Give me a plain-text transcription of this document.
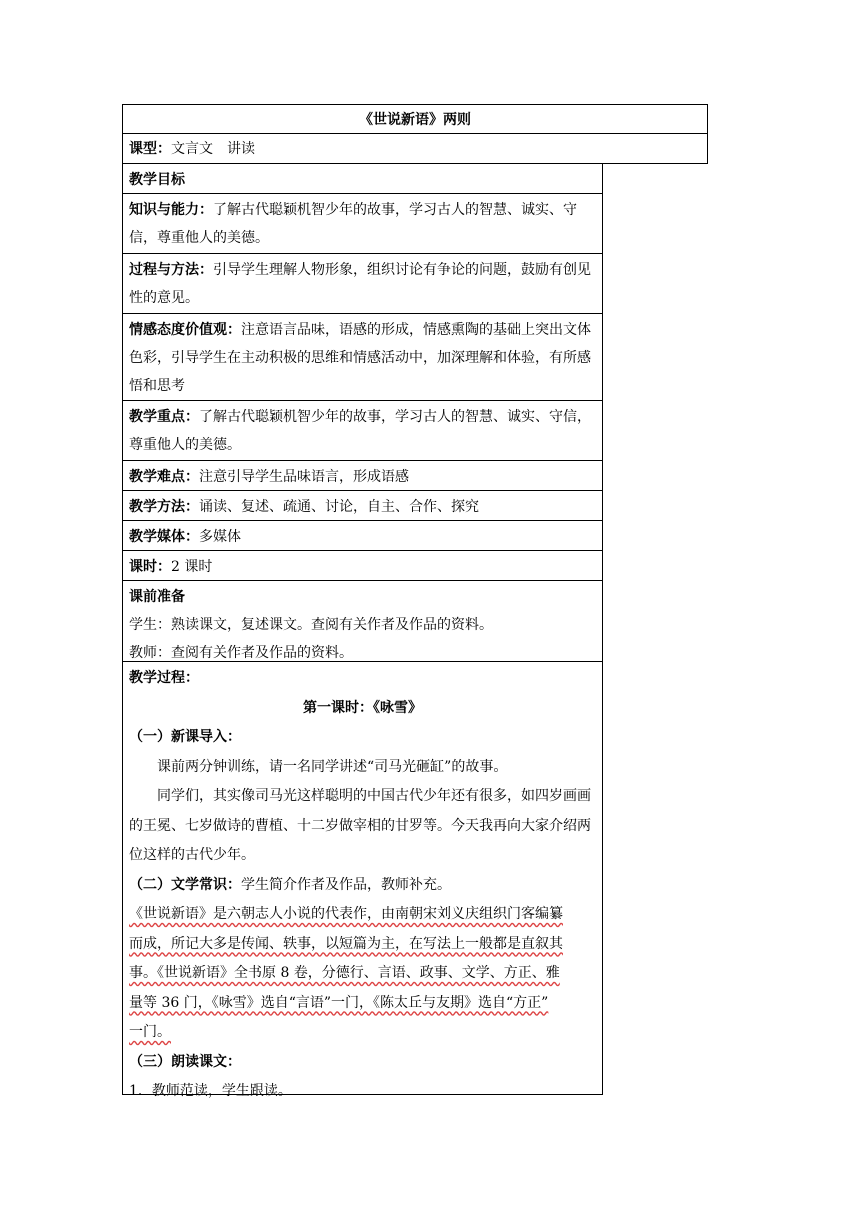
《世说新语》两则
课型：文言文　讲读
教学目标
知识与能力：了解古代聪颖机智少年的故事，学习古人的智慧、诚实、守信，尊重他人的美德。
过程与方法：引导学生理解人物形象，组织讨论有争论的问题，鼓励有创见性的意见。
情感态度价值观：注意语言品味，语感的形成，情感熏陶的基础上突出文体色彩，引导学生在主动积极的思维和情感活动中，加深理解和体验，有所感悟和思考
教学重点：了解古代聪颖机智少年的故事，学习古人的智慧、诚实、守信，尊重他人的美德。
教学难点：注意引导学生品味语言，形成语感
教学方法：诵读、复述、疏通、讨论，自主、合作、探究
教学媒体：多媒体
课时：2 课时
课前准备
学生：熟读课文，复述课文。查阅有关作者及作品的资料。
教师：查阅有关作者及作品的资料。
教学过程：
第一课时：《咏雪》
（一）新课导入：
课前两分钟训练，请一名同学讲述“司马光砸缸”的故事。
同学们，其实像司马光这样聪明的中国古代少年还有很多，如四岁画画的王冕、七岁做诗的曹植、十二岁做宰相的甘罗等。今天我再向大家介绍两位这样的古代少年。
（二）文学常识：学生简介作者及作品，教师补充。
《世说新语》是六朝志人小说的代表作，由南朝宋刘义庆组织门客编纂
而成，所记大多是传闻、轶事，以短篇为主，在写法上一般都是直叙其
事。《世说新语》全书原 8 卷，分德行、言语、政事、文学、方正、雅
量等 36 门，《咏雪》选自“言语”一门，《陈太丘与友期》选自“方正”
一门。
（三）朗读课文：
1．教师范读，学生跟读。
